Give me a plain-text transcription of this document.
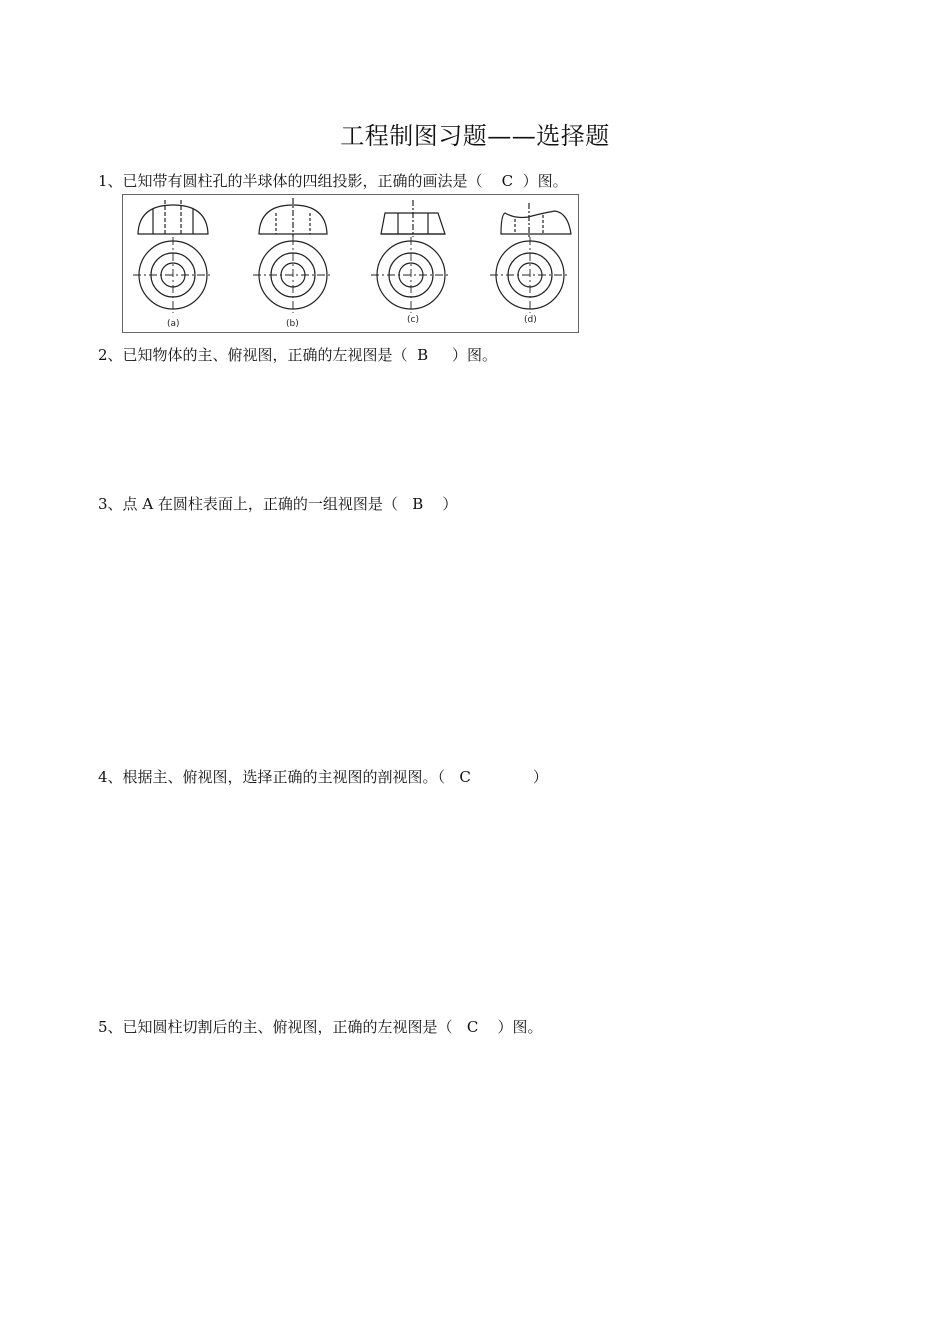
工程制图习题——选择题
1、已知带有圆柱孔的半球体的四组投影，正确的画法是（ C ）图。
(a)	(b)	(c)	(d)
2、已知物体的主、俯视图，正确的左视图是（ B ）图。
3、点 A 在圆柱表面上，正确的一组视图是（ B ）
4、根据主、俯视图，选择正确的主视图的剖视图。（ C	）
5、已知圆柱切割后的主、俯视图，正确的左视图是（ C ）图。
